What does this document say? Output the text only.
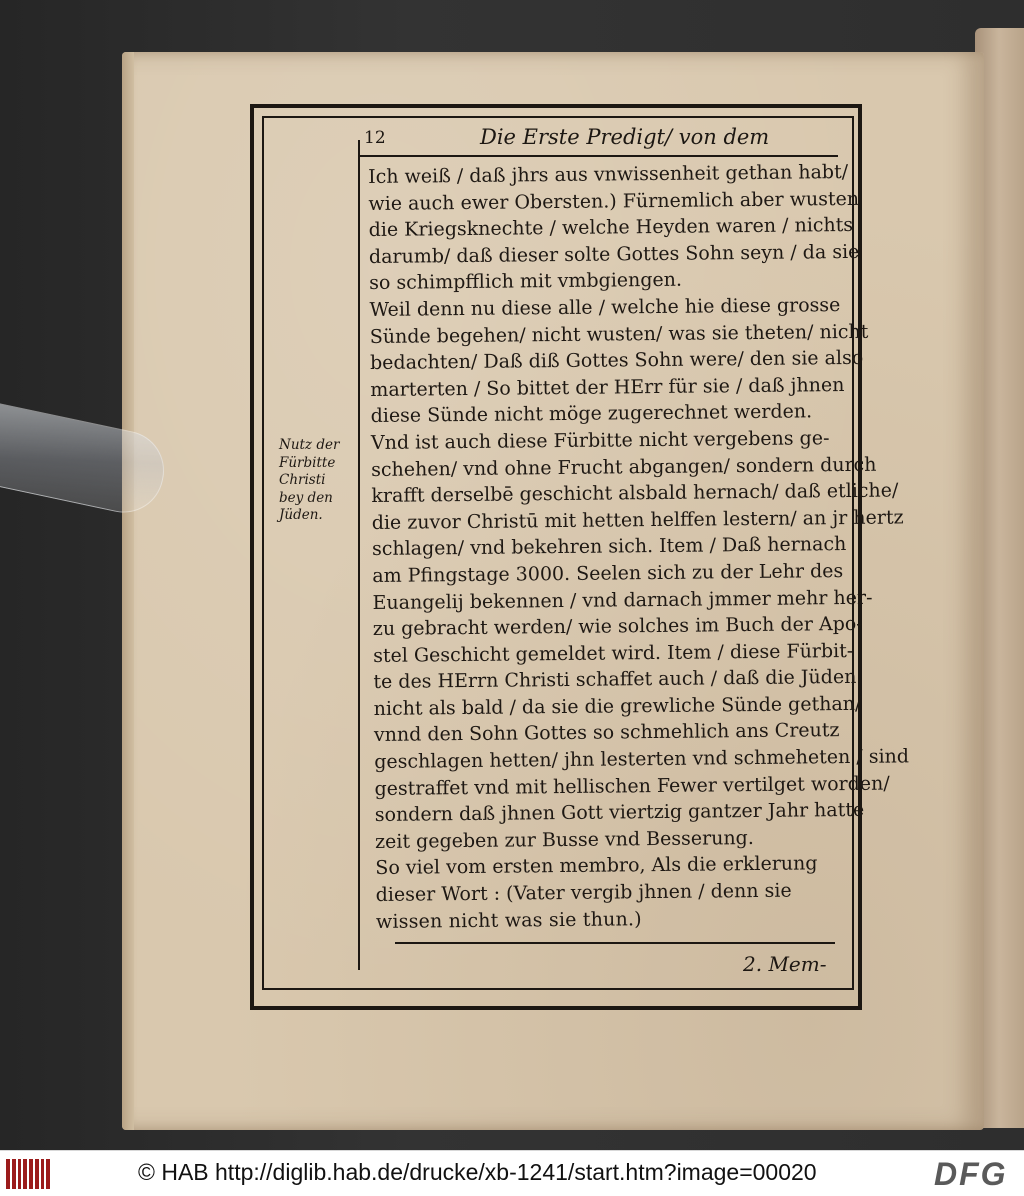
12	Die Erste Predigt/ von dem
Ich weiß / daß jhrs aus vnwissenheit gethan habt/
wie auch ewer Obersten.) Fürnemlich aber wusten
die Kriegsknechte / welche Heyden waren / nichts
darumb/ daß dieser solte Gottes Sohn seyn / da sie
so schimpfflich mit vmbgiengen.
Weil denn nu diese alle / welche hie diese grosse
Sünde begehen/ nicht wusten/ was sie theten/ nicht
bedachten/ Daß diß Gottes Sohn were/ den sie also
marterten / So bittet der HErr für sie / daß jhnen
diese Sünde nicht möge zugerechnet werden.
Vnd ist auch diese Fürbitte nicht vergebens ge-
schehen/ vnd ohne Frucht abgangen/ sondern durch
krafft derselbē geschicht alsbald hernach/ daß etliche/
die zuvor Christū mit hetten helffen lestern/ an jr hertz
schlagen/ vnd bekehren sich. Item / Daß hernach
am Pfingstage 3000. Seelen sich zu der Lehr des
Euangelij bekennen / vnd darnach jmmer mehr her-
zu gebracht werden/ wie solches im Buch der Apo-
stel Geschicht gemeldet wird. Item / diese Fürbit-
te des HErrn Christi schaffet auch / daß die Jüden
nicht als bald / da sie die grewliche Sünde gethan/
vnnd den Sohn Gottes so schmehlich ans Creutz
geschlagen hetten/ jhn lesterten vnd schmeheten / sind
gestraffet vnd mit hellischen Fewer vertilget worden/
sondern daß jhnen Gott viertzig gantzer Jahr hatte
zeit gegeben zur Busse vnd Besserung.
So viel vom ersten membro, Als die erklerung
dieser Wort : (Vater vergib jhnen / denn sie
wissen nicht was sie thun.)
Nutz der
Fürbitte
Christi
bey den
Jüden.
2. Mem-
© HAB http://diglib.hab.de/drucke/xb-1241/start.htm?image=00020	DFG
